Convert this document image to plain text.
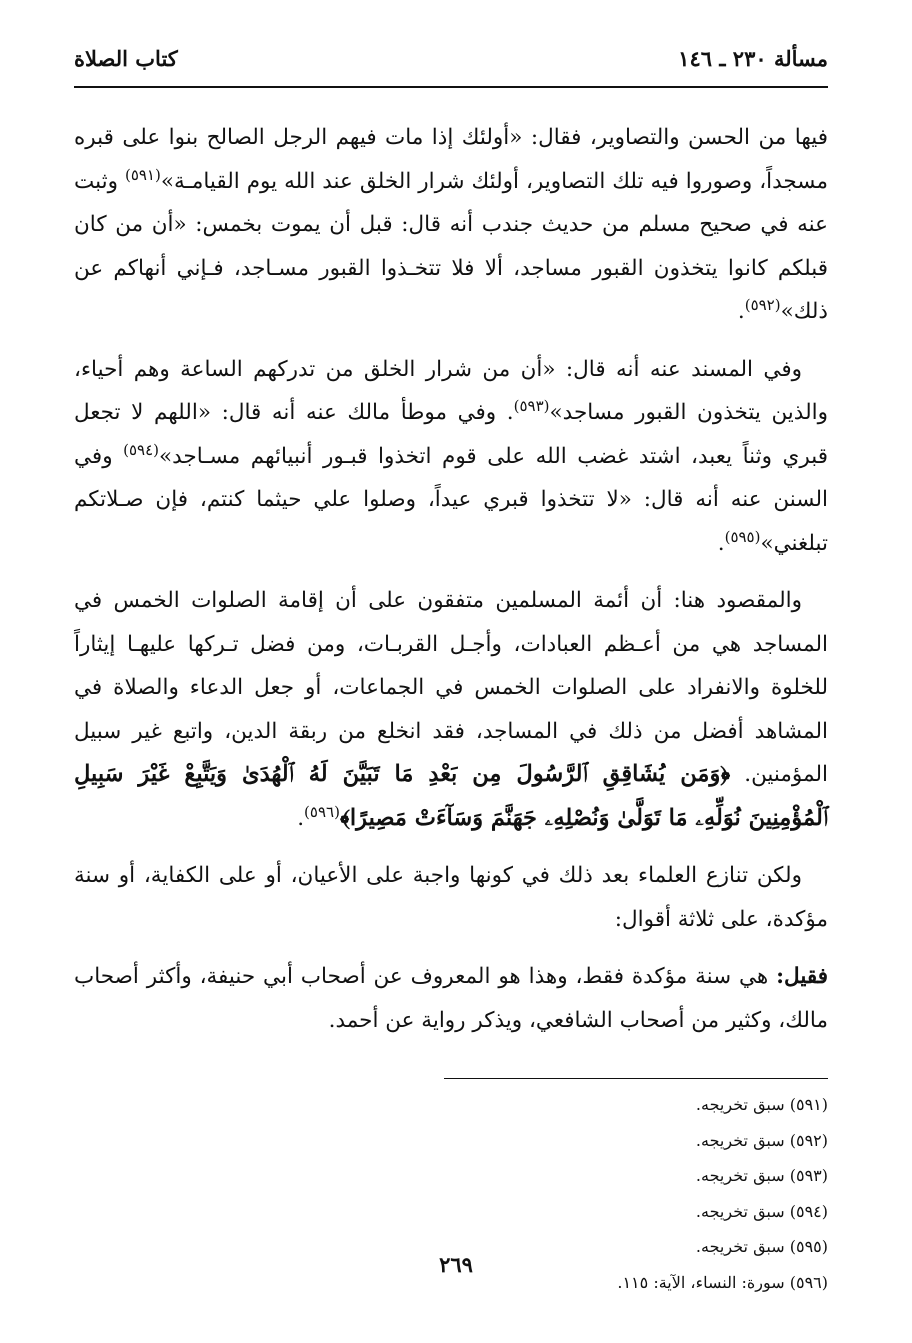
مسألة ٢٣٠ ـ ١٤٦
كتاب الصلاة

فيها من الحسن والتصاوير، فقال: «أولئك إذا مات فيهم الرجل الصالح بنوا على قبره مسجداً، وصوروا فيه تلك التصاوير، أولئك شرار الخلق عند الله يوم القيامـة»$^{(٥٩١)}$ وثبت عنه في صحيح مسلم من حديث جندب أنه قال: قبل أن يموت بخمس: «أن من كان قبلكم كانوا يتخذون القبور مساجد، ألا فلا تتخـذوا القبور مسـاجد، فـإني أنهاكم عن ذلك»$^{(٥٩٢)}$.

وفي المسند عنه أنه قال: «أن من شرار الخلق من تدركهم الساعة وهم أحياء، والذين يتخذون القبور مساجد»$^{(٥٩٣)}$. وفي موطأ مالك عنه أنه قال: «اللهم لا تجعل قبري وثناً يعبد، اشتد غضب الله على قوم اتخذوا قبـور أنبيائهم مسـاجد»$^{(٥٩٤)}$ وفي السنن عنه أنه قال: «لا تتخذوا قبري عيداً، وصلوا علي حيثما كنتم، فإن صـلاتكم تبلغني»$^{(٥٩٥)}$.

والمقصود هنا: أن أئمة المسلمين متفقون على أن إقامة الصلوات الخمس في المساجد هي من أعـظم العبادات، وأجـل القربـات، ومن فضل تـركها عليهـا إيثاراً للخلوة والانفراد على الصلوات الخمس في الجماعات، أو جعل الدعاء والصلاة في المشاهد أفضل من ذلك في المساجد، فقد انخلع من ربقة الدين، واتبع غير سبيل المؤمنين. ﴿وَمَن يُشَاقِقِ ٱلرَّسُولَ مِن بَعْدِ مَا تَبَيَّنَ لَهُ ٱلْهُدَىٰ وَيَتَّبِعْ غَيْرَ سَبِيلِ ٱلْمُؤْمِنِينَ نُوَلِّهِۦ مَا تَوَلَّىٰ وَنُصْلِهِۦ جَهَنَّمَ وَسَآءَتْ مَصِيرًا﴾$^{(٥٩٦)}$.

ولكن تنازع العلماء بعد ذلك في كونها واجبة على الأعيان، أو على الكفاية، أو سنة مؤكدة، على ثلاثة أقوال:

فقيل: هي سنة مؤكدة فقط، وهذا هو المعروف عن أصحاب أبي حنيفة، وأكثر أصحاب مالك، وكثير من أصحاب الشافعي، ويذكر رواية عن أحمد.

(٥٩١) سبق تخريجه.
(٥٩٢) سبق تخريجه.
(٥٩٣) سبق تخريجه.
(٥٩٤) سبق تخريجه.
(٥٩٥) سبق تخريجه.
(٥٩٦) سورة: النساء، الآية: ١١٥.
٢٦٩
